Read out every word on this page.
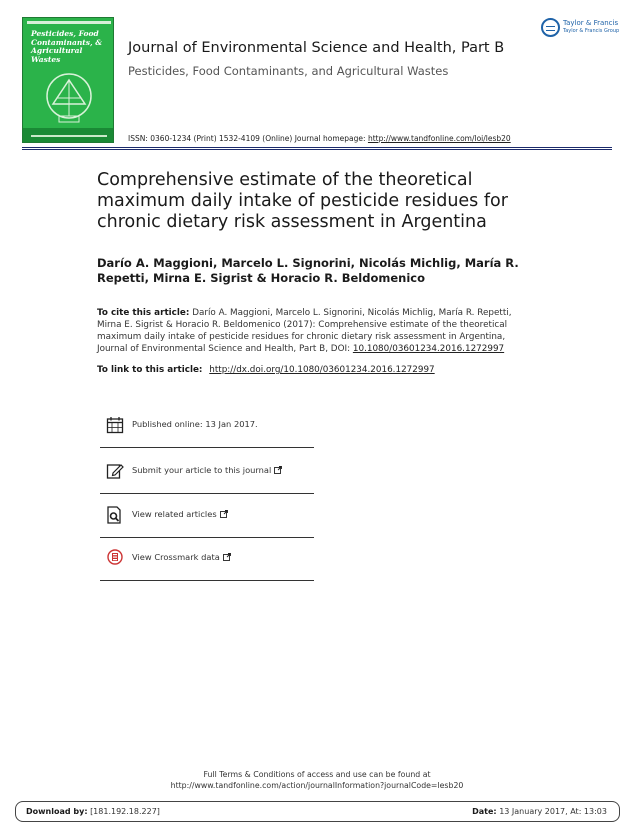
Pesticides, Food Contaminants, & Agricultural Wastes
Journal of Environmental Science and Health, Part B
Pesticides, Food Contaminants, and Agricultural Wastes
ISSN: 0360-1234 (Print) 1532-4109 (Online) Journal homepage: http://www.tandfonline.com/loi/lesb20
Taylor & Francis
Taylor & Francis Group
Comprehensive estimate of the theoretical maximum daily intake of pesticide residues for chronic dietary risk assessment in Argentina
Darío A. Maggioni, Marcelo L. Signorini, Nicolás Michlig, María R. Repetti, Mirna E. Sigrist & Horacio R. Beldomenico
To cite this article: Darío A. Maggioni, Marcelo L. Signorini, Nicolás Michlig, María R. Repetti, Mirna E. Sigrist & Horacio R. Beldomenico (2017): Comprehensive estimate of the theoretical maximum daily intake of pesticide residues for chronic dietary risk assessment in Argentina, Journal of Environmental Science and Health, Part B, DOI: 10.1080/03601234.2016.1272997
To link to this article: http://dx.doi.org/10.1080/03601234.2016.1272997
Published online: 13 Jan 2017.
Submit your article to this journal
View related articles
View Crossmark data
Full Terms & Conditions of access and use can be found at
http://www.tandfonline.com/action/journalInformation?journalCode=lesb20
Download by: [181.192.18.227]	Date: 13 January 2017, At: 13:03
